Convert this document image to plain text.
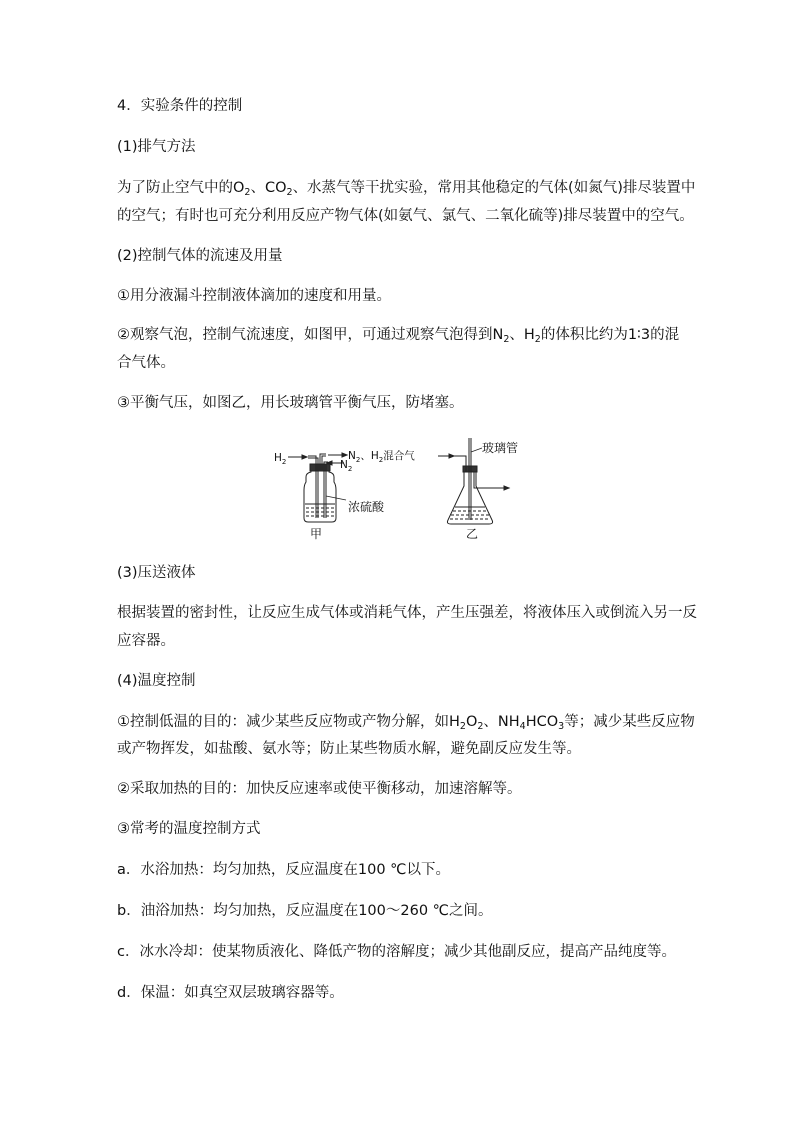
4．实验条件的控制
(1)排气方法
为了防止空气中的$O_2$、$CO_2$、水蒸气等干扰实验，常用其他稳定的气体(如氮气)排尽装置中
的空气；有时也可充分利用反应产物气体(如氨气、氯气、二氧化硫等)排尽装置中的空气。
(2)控制气体的流速及用量
①用分液漏斗控制液体滴加的速度和用量。
②观察气泡，控制气流速度，如图甲，可通过观察气泡得到$N_2$、$H_2$的体积比约为1∶3的混
合气体。
③平衡气压，如图乙，用长玻璃管平衡气压，防堵塞。
$H_2$	$N_2$、$H_2$混合气
$N_2$
浓硫酸
甲
玻璃管
乙
(3)压送液体
根据装置的密封性，让反应生成气体或消耗气体，产生压强差，将液体压入或倒流入另一反
应容器。
(4)温度控制
①控制低温的目的：减少某些反应物或产物分解，如$H_2O_2$、$NH_4HCO_3$等；减少某些反应物
或产物挥发，如盐酸、氨水等；防止某些物质水解，避免副反应发生等。
②采取加热的目的：加快反应速率或使平衡移动，加速溶解等。
③常考的温度控制方式
a．水浴加热：均匀加热，反应温度在100 ℃以下。
b．油浴加热：均匀加热，反应温度在100～260 ℃之间。
c．冰水冷却：使某物质液化、降低产物的溶解度；减少其他副反应，提高产品纯度等。
d．保温：如真空双层玻璃容器等。
